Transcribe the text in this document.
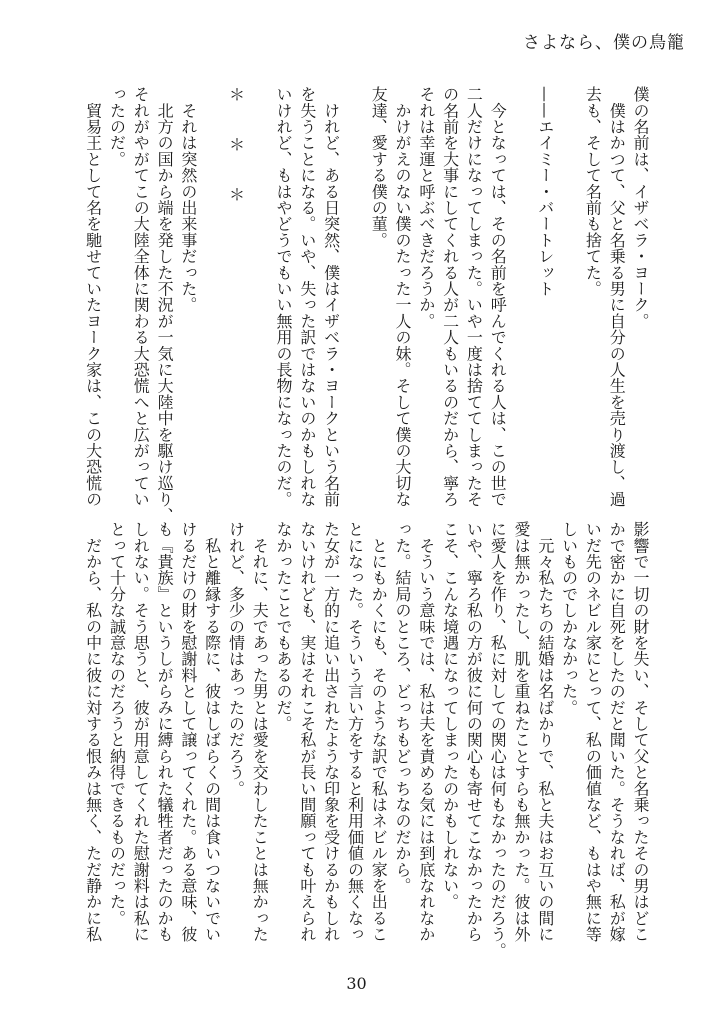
さよなら、僕の鳥籠
僕の名前は、イザベラ・ヨーク。
　僕はかつて、父と名乗る男に自分の人生を売り渡し、過
去も、そして名前も捨てた。

——エイミー・バートレット

　今となっては、その名前を呼んでくれる人は、この世で
二人だけになってしまった。いや一度は捨ててしまったそ
の名前を大事にしてくれる人が二人もいるのだから、寧ろ
それは幸運と呼ぶべきだろうか。
　かけがえのない僕のたった一人の妹。そして僕の大切な
友達、愛する僕の菫。

　けれど、ある日突然、僕はイザベラ・ヨークという名前
を失うことになる。いや、失った訳ではないのかもしれな
いけれど、もはやどうでもいい無用の長物になったのだ。

＊＊＊

　それは突然の出来事だった。
　北方の国から端を発した不況が一気に大陸中を駆け巡り、
それがやがてこの大陸全体に関わる大恐慌へと広がってい
ったのだ。
　貿易王として名を馳せていたヨーク家は、この大恐慌の
影響で一切の財を失い、そして父と名乗ったその男はどこ
かで密かに自死をしたのだと聞いた。そうなれば、私が嫁
いだ先のネビル家にとって、私の価値など、もはや無に等
しいものでしかなかった。
　元々私たちの結婚は名ばかりで、私と夫はお互いの間に
愛は無かったし、肌を重ねたことすらも無かった。彼は外
に愛人を作り、私に対しての関心は何もなかったのだろう。
いや、寧ろ私の方が彼に何の関心も寄せてこなかったから
こそ、こんな境遇になってしまったのかもしれない。
　そういう意味では、私は夫を責める気には到底なれなか
った。結局のところ、どっちもどっちなのだから。
　とにもかくにも、そのような訳で私はネビル家を出るこ
とになった。そういう言い方をすると利用価値の無くなっ
た女が一方的に追い出されたような印象を受けるかもしれ
ないけれども、実はそれこそ私が長い間願っても叶えられ
なかったことでもあるのだ。
　それに、夫であった男とは愛を交わしたことは無かった
けれど、多少の情はあったのだろう。
　私と離縁する際に、彼はしばらくの間は食いつないでい
けるだけの財を慰謝料として譲ってくれた。ある意味、彼
も『貴族』というしがらみに縛られた犠牲者だったのかも
しれない。そう思うと、彼が用意してくれた慰謝料は私に
とって十分な誠意なのだろうと納得できるものだった。
　だから、私の中に彼に対する恨みは無く、ただ静かに私
30
